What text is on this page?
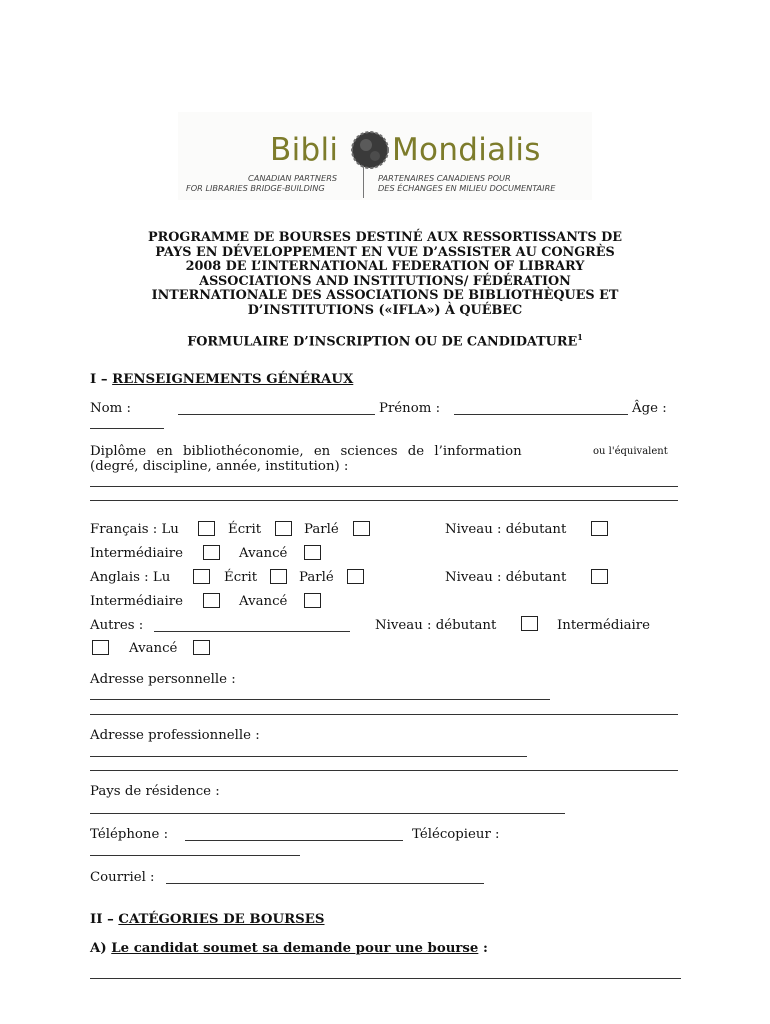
Bibli Mondialis
CANADIAN PARTNERS
FOR LIBRARIES BRIDGE-BUILDING
PARTENAIRES CANADIENS POUR
DES ÉCHANGES EN MILIEU DOCUMENTAIRE
PROGRAMME DE BOURSES DESTINÉ AUX RESSORTISSANTS DE
PAYS EN DÉVELOPPEMENT EN VUE D’ASSISTER AU CONGRÈS
2008 DE L’INTERNATIONAL FEDERATION OF LIBRARY
ASSOCIATIONS AND INSTITUTIONS/ FÉDÉRATION
INTERNATIONALE DES ASSOCIATIONS DE BIBLIOTHÈQUES ET
D’INSTITUTIONS («IFLA») À QUÉBEC
FORMULAIRE D’INSCRIPTION OU DE CANDIDATURE$^1$
I – RENSEIGNEMENTS GÉNÉRAUX
Nom :	Prénom :	Âge :
Diplôme en bibliothéconomie, en sciences de l’information	ou l'équivalent
(degré, discipline, année, institution) :
Français : Lu	Écrit	Parlé	Niveau : débutant
Intermédiaire	Avancé
Anglais : Lu	Écrit	Parlé	Niveau : débutant
Intermédiaire	Avancé
Autres :	Niveau : débutant	Intermédiaire
Avancé
Adresse personnelle :
Adresse professionnelle :
Pays de résidence :
Téléphone :	Télécopieur :
Courriel :
II – CATÉGORIES DE BOURSES
A) Le candidat soumet sa demande pour une bourse :
